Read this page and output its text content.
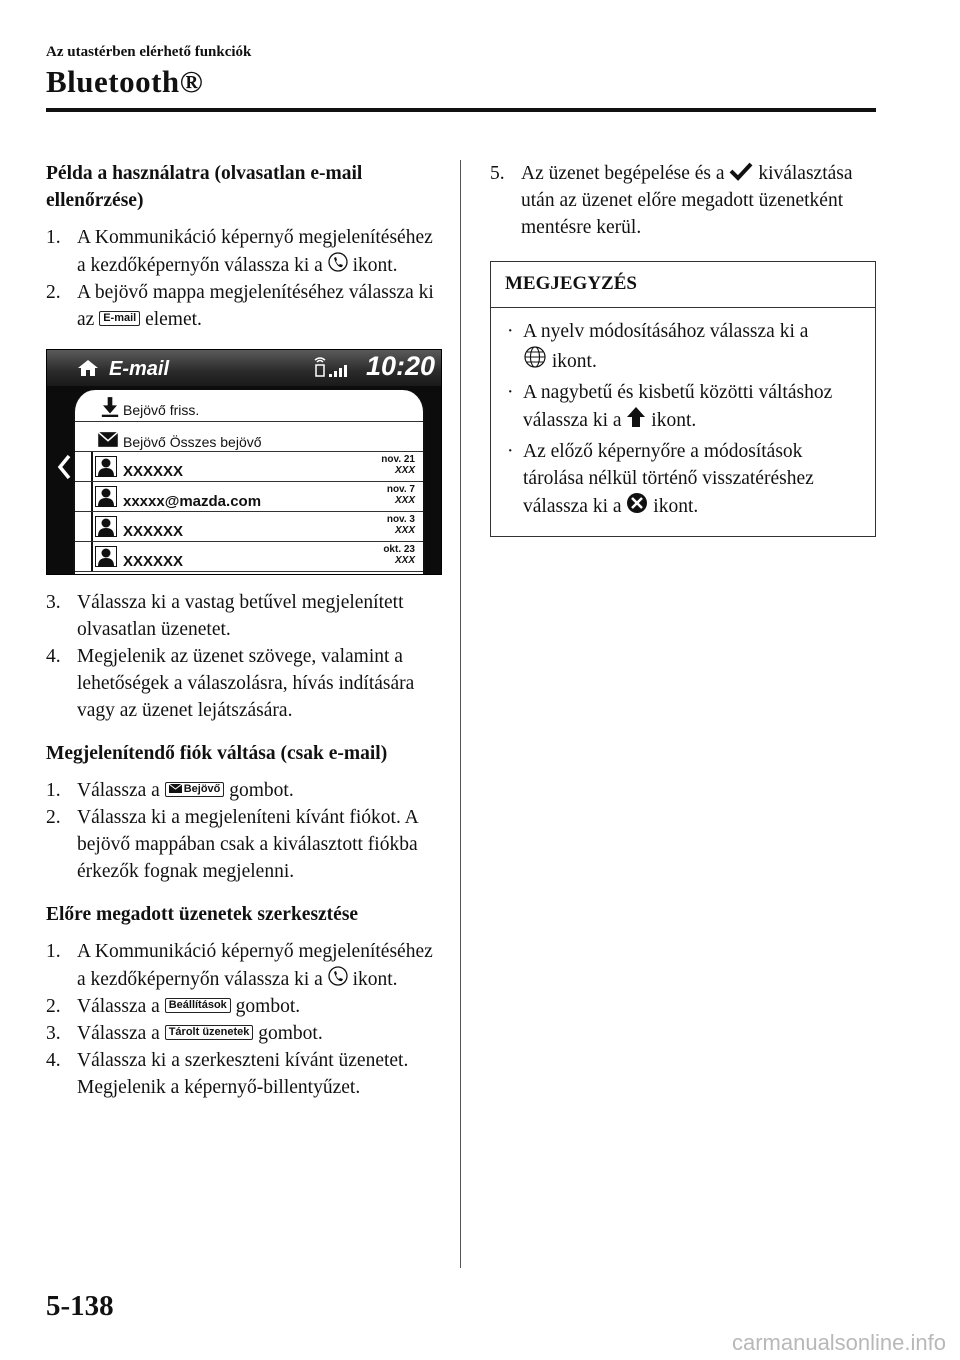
Az utastérben elérhető funkciók
Bluetooth®
Példa a használatra (olvasatlan e-mail ellenőrzése)
1. A Kommunikáció képernyő megjelenítéséhez a kezdőképernyőn válassza ki a ikont.
2. A bejövő mappa megjelenítéséhez válassza ki az E-mail elemet.
E-mail	10:20
Bejövő friss.
Bejövő Összes bejövő
XXXXXX
nov. 21
XXX
xxxxx@mazda.com
nov. 7
XXX
XXXXXX
nov. 3
XXX
XXXXXX
okt. 23
XXX
3. Válassza ki a vastag betűvel megjelenített olvasatlan üzenetet.
4. Megjelenik az üzenet szövege, valamint a lehetőségek a válaszolásra, hívás indítására vagy az üzenet lejátszására.
Megjelenítendő fiók váltása (csak e-mail)
1. Válassza a Bejövő gombot.
2. Válassza ki a megjeleníteni kívánt fiókot. A bejövő mappában csak a kiválasztott fiókba érkezők fognak megjelenni.
Előre megadott üzenetek szerkesztése
1. A Kommunikáció képernyő megjelenítéséhez a kezdőképernyőn válassza ki a ikont.
2. Válassza a Beállítások gombot.
3. Válassza a Tárolt üzenetek gombot.
4. Válassza ki a szerkeszteni kívánt üzenetet. Megjelenik a képernyő-billentyűzet.
5. Az üzenet begépelése és a kiválasztása után az üzenet előre megadott üzenetként mentésre kerül.
MEGJEGYZÉS
· A nyelv módosításához válassza ki a
ikont.
· A nagybetű és kisbetű közötti váltáshoz válassza ki a ikont.
· Az előző képernyőre a módosítások tárolása nélkül történő visszatéréshez válassza ki a ikont.
5-138
carmanualsonline.info
